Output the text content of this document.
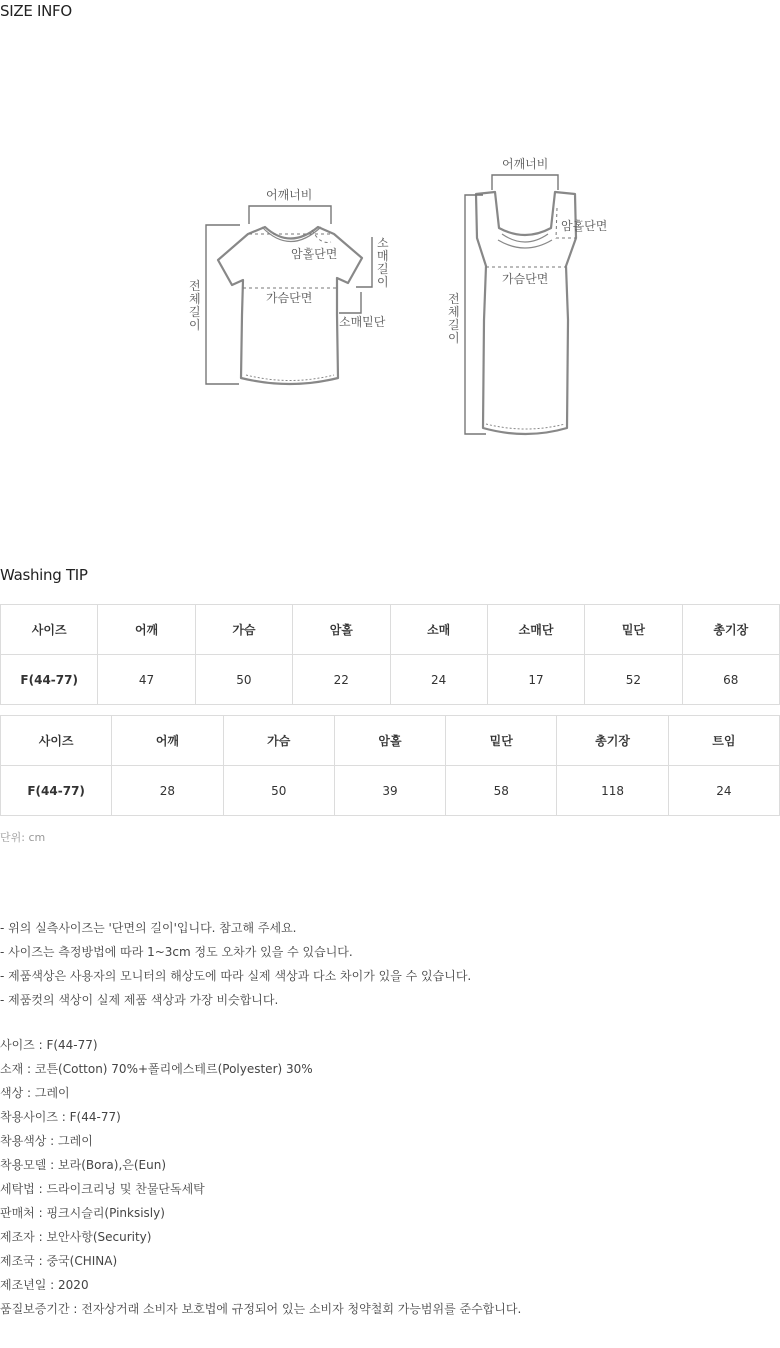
SIZE INFO
어깨너비
암홀단면
소
매
길
이
가슴단면
소매밑단
전
체
길
이
어깨너비
암홀단면
가슴단면
전
체
길
이
Washing TIP
사이즈	어깨	가슴	암홀	소매	소매단	밑단	총기장
F(44-77)	47	50	22	24	17	52	68
사이즈	어깨	가슴	암홀	밑단	총기장	트임
F(44-77)	28	50	39	58	118	24
단위: cm
- 위의 실측사이즈는 '단면의 길이'입니다. 참고해 주세요.
- 사이즈는 측정방법에 따라 1~3cm 정도 오차가 있을 수 있습니다.
- 제품색상은 사용자의 모니터의 해상도에 따라 실제 색상과 다소 차이가 있을 수 있습니다.
- 제품컷의 색상이 실제 제품 색상과 가장 비슷합니다.
사이즈 : F(44-77)
소재 : 코튼(Cotton) 70%+폴리에스테르(Polyester) 30%
색상 : 그레이
착용사이즈 : F(44-77)
착용색상 : 그레이
착용모델 : 보라(Bora),은(Eun)
세탁법 : 드라이크리닝 및 찬물단독세탁
판매처 : 핑크시슬리(Pinksisly)
제조자 : 보안사항(Security)
제조국 : 중국(CHINA)
제조년일 : 2020
품질보증기간 : 전자상거래 소비자 보호법에 규정되어 있는 소비자 청약철회 가능범위를 준수합니다.
